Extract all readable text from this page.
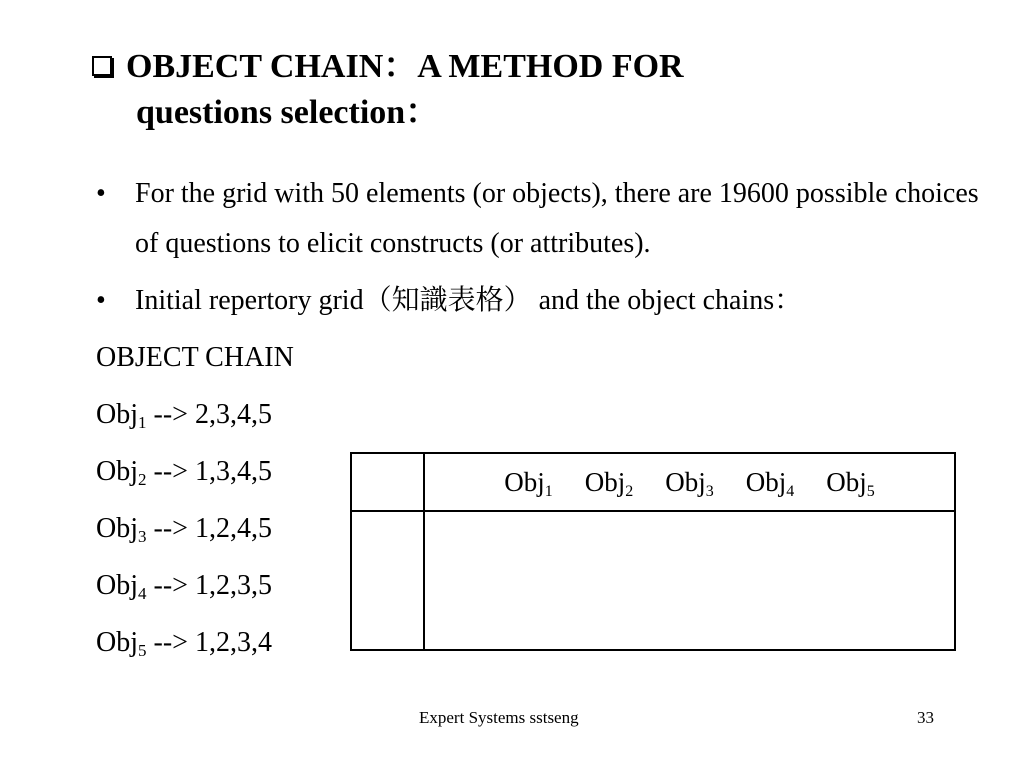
OBJECT CHAIN：A METHOD FOR
questions selection：
•	For the grid with 50 elements (or objects), there are 19600 possible choices of questions to elicit constructs (or attributes).
•	Initial repertory grid（知識表格） and the object chains：
OBJECT CHAIN
Obj$_1$ --> 2,3,4,5
Obj$_2$ --> 1,3,4,5
Obj$_3$ --> 1,2,4,5
Obj$_4$ --> 1,2,3,5
Obj$_5$ --> 1,2,3,4
Obj$_1$ Obj$_2$ Obj$_3$ Obj$_4$ Obj$_5$
Expert Systems sstseng	33
